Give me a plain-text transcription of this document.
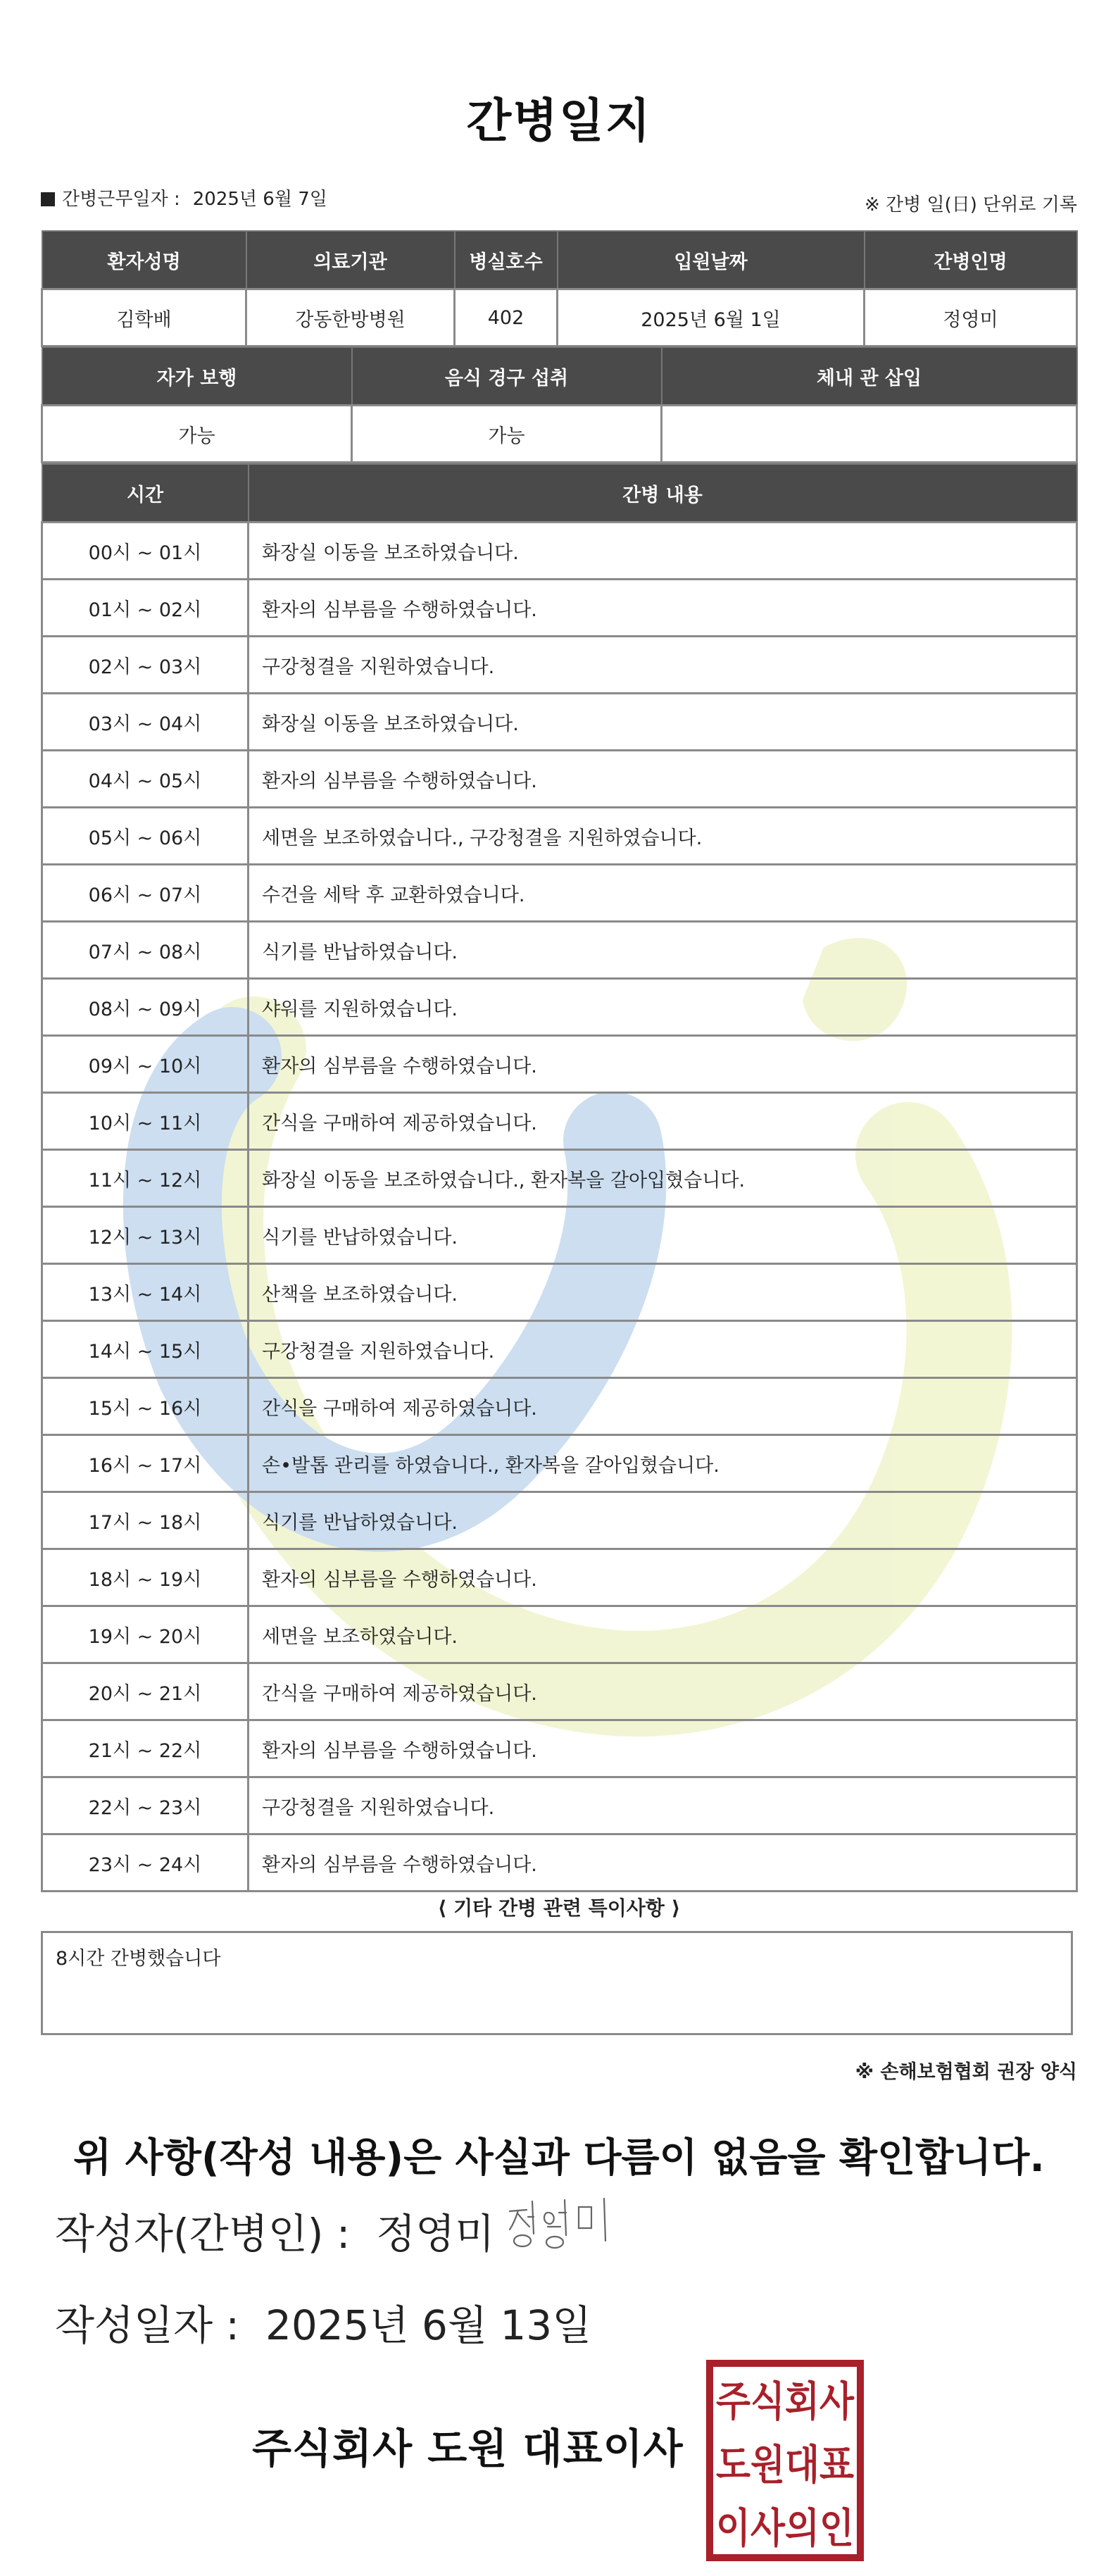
간병일지
간병근무일자 : 2025년 6월 7일	※ 간병 일(日) 단위로 기록
환자성명	의료기관	병실호수	입원날짜	간병인명
김학배	강동한방병원	402	2025년 6월 1일	정영미
자가 보행	음식 경구 섭취	체내 관 삽입
가능	가능	
시간	간병 내용
00시 ~ 01시	화장실 이동을 보조하였습니다.
01시 ~ 02시	환자의 심부름을 수행하였습니다.
02시 ~ 03시	구강청결을 지원하였습니다.
03시 ~ 04시	화장실 이동을 보조하였습니다.
04시 ~ 05시	환자의 심부름을 수행하였습니다.
05시 ~ 06시	세면을 보조하였습니다., 구강청결을 지원하였습니다.
06시 ~ 07시	수건을 세탁 후 교환하였습니다.
07시 ~ 08시	식기를 반납하였습니다.
08시 ~ 09시	샤워를 지원하였습니다.
09시 ~ 10시	환자의 심부름을 수행하였습니다.
10시 ~ 11시	간식을 구매하여 제공하였습니다.
11시 ~ 12시	화장실 이동을 보조하였습니다., 환자복을 갈아입혔습니다.
12시 ~ 13시	식기를 반납하였습니다.
13시 ~ 14시	산책을 보조하였습니다.
14시 ~ 15시	구강청결을 지원하였습니다.
15시 ~ 16시	간식을 구매하여 제공하였습니다.
16시 ~ 17시	손•발톱 관리를 하였습니다., 환자복을 갈아입혔습니다.
17시 ~ 18시	식기를 반납하였습니다.
18시 ~ 19시	환자의 심부름을 수행하였습니다.
19시 ~ 20시	세면을 보조하였습니다.
20시 ~ 21시	간식을 구매하여 제공하였습니다.
21시 ~ 22시	환자의 심부름을 수행하였습니다.
22시 ~ 23시	구강청결을 지원하였습니다.
23시 ~ 24시	환자의 심부름을 수행하였습니다.
⟨ 기타 간병 관련 특이사항 ⟩
8시간 간병했습니다
※ 손해보험협회 권장 양식
위 사항(작성 내용)은 사실과 다름이 없음을 확인합니다.
작성자(간병인) : 정영미
작성일자 : 2025년 6월 13일
주식회사 도원 대표이사
주식회사
도원대표
이사의인
